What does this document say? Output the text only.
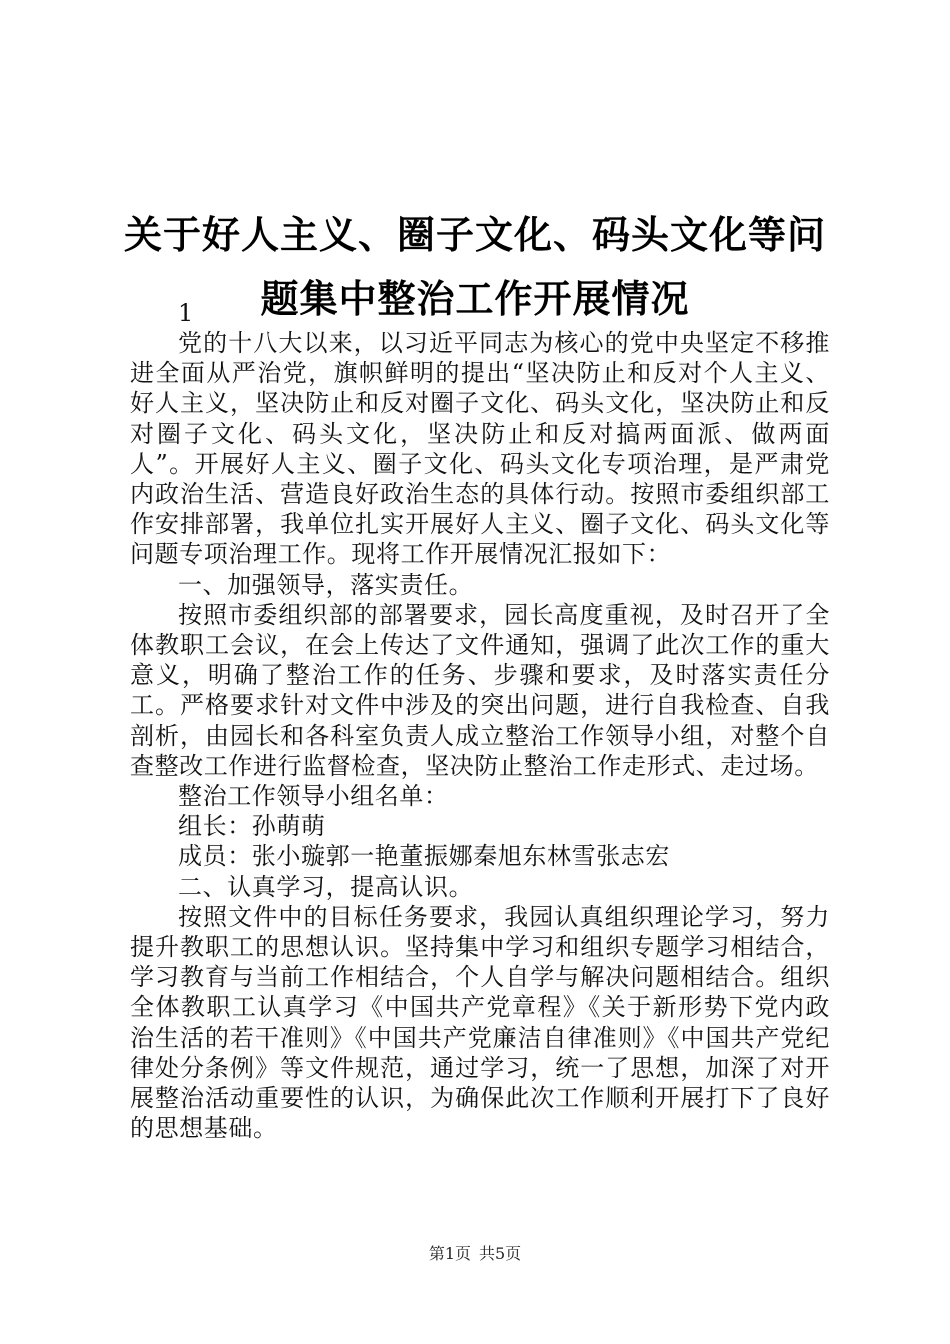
关于好人主义、圈子文化、码头文化等问题集中整治工作开展情况
1

党的十八大以来，以习近平同志为核心的党中央坚定不移推进全面从严治党，旗帜鲜明的提出“坚决防止和反对个人主义、好人主义，坚决防止和反对圈子文化、码头文化，坚决防止和反对圈子文化、码头文化，坚决防止和反对搞两面派、做两面人”。开展好人主义、圈子文化、码头文化专项治理，是严肃党内政治生活、营造良好政治生态的具体行动。按照市委组织部工作安排部署，我单位扎实开展好人主义、圈子文化、码头文化等问题专项治理工作。现将工作开展情况汇报如下：

一、加强领导，落实责任。

按照市委组织部的部署要求，园长高度重视，及时召开了全体教职工会议，在会上传达了文件通知，强调了此次工作的重大意义，明确了整治工作的任务、步骤和要求，及时落实责任分工。严格要求针对文件中涉及的突出问题，进行自我检查、自我剖析，由园长和各科室负责人成立整治工作领导小组，对整个自查整改工作进行监督检查，坚决防止整治工作走形式、走过场。

整治工作领导小组名单：

组长：孙萌萌

成员：张小璇郭一艳董振娜秦旭东林雪张志宏

二、认真学习，提高认识。

按照文件中的目标任务要求，我园认真组织理论学习，努力提升教职工的思想认识。坚持集中学习和组织专题学习相结合，学习教育与当前工作相结合，个人自学与解决问题相结合。组织全体教职工认真学习《中国共产党章程》《关于新形势下党内政治生活的若干准则》《中国共产党廉洁自律准则》《中国共产党纪律处分条例》等文件规范，通过学习，统一了思想，加深了对开展整治活动重要性的认识，为确保此次工作顺利开展打下了良好的思想基础。

第1页 共5页
